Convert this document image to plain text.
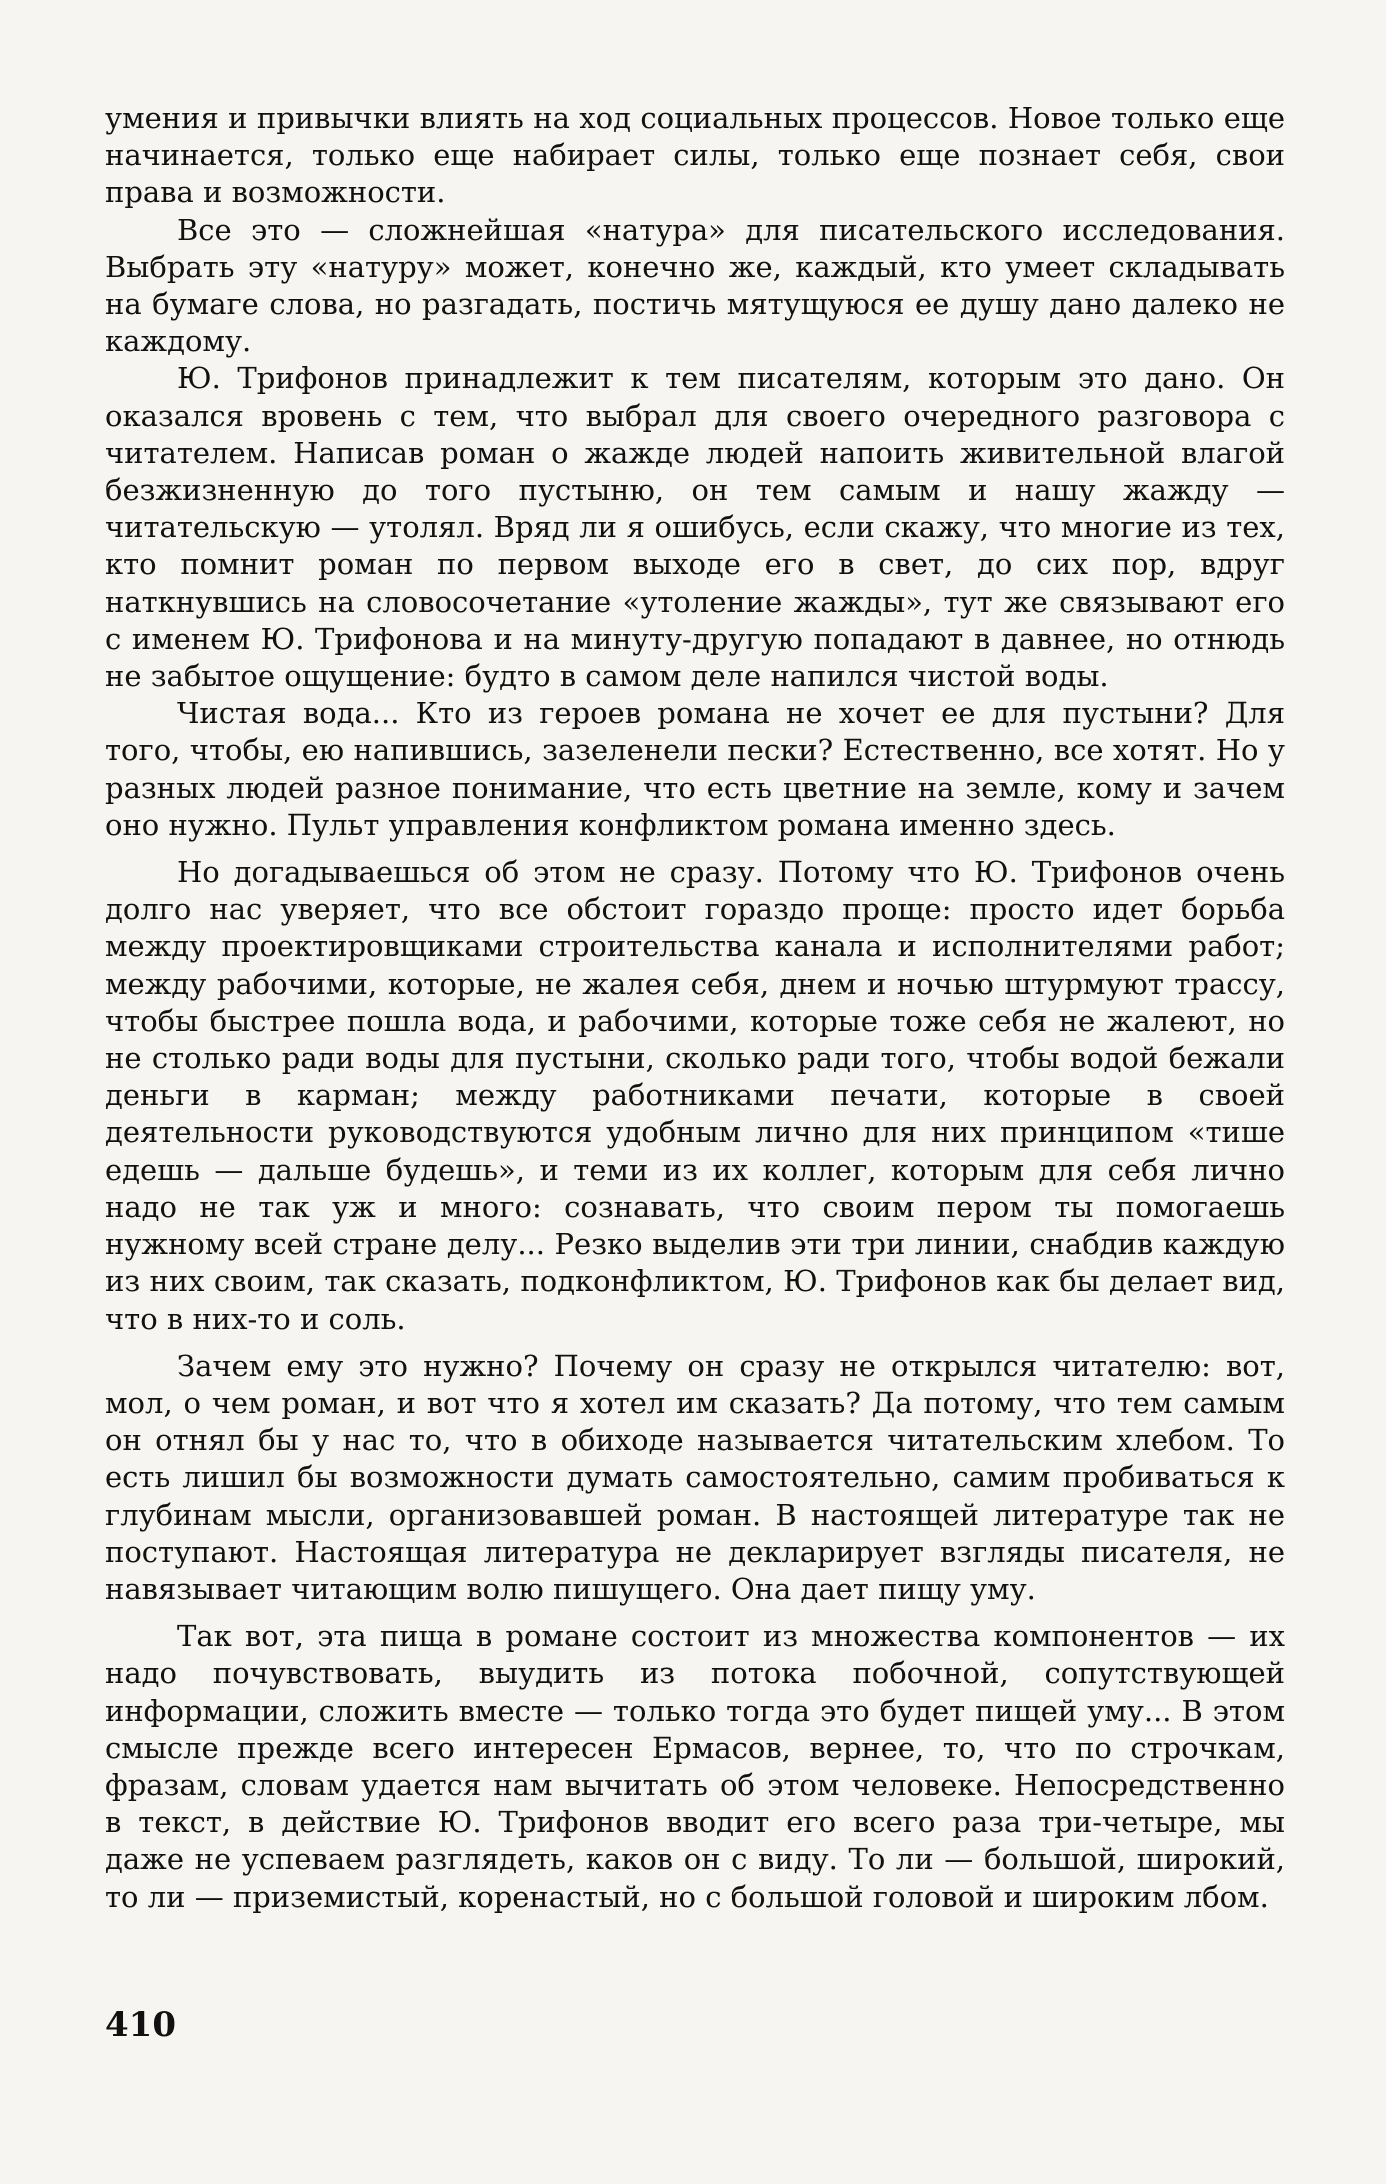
умения и привычки влиять на ход социальных процессов. Новое только еще начинается, только еще набирает силы, только еще познает себя, свои права и возможности.

Все это — сложнейшая «натура» для писательского исследования. Выбрать эту «натуру» может, конечно же, каждый, кто умеет складывать на бумаге слова, но разгадать, постичь мятущуюся ее душу дано далеко не каждому.

Ю. Трифонов принадлежит к тем писателям, которым это дано. Он оказался вровень с тем, что выбрал для своего очередного разговора с читателем. Написав роман о жажде людей напоить живительной влагой безжизненную до того пустыню, он тем самым и нашу жажду — читательскую — утолял. Вряд ли я ошибусь, если скажу, что многие из тех, кто помнит роман по первом выходе его в свет, до сих пор, вдруг наткнувшись на словосочетание «утоление жажды», тут же связывают его с именем Ю. Трифонова и на минуту-другую попадают в давнее, но отнюдь не забытое ощущение: будто в самом деле напился чистой воды.

Чистая вода... Кто из героев романа не хочет ее для пустыни? Для того, чтобы, ею напившись, зазеленели пески? Естественно, все хотят. Но у разных людей разное понимание, что есть цветние на земле, кому и зачем оно нужно. Пульт управления конфликтом романа именно здесь.

Но догадываешься об этом не сразу. Потому что Ю. Трифонов очень долго нас уверяет, что все обстоит гораздо проще: просто идет борьба между проектировщиками строительства канала и исполнителями работ; между рабочими, которые, не жалея себя, днем и ночью штурмуют трассу, чтобы быстрее пошла вода, и рабочими, которые тоже себя не жалеют, но не столько ради воды для пустыни, сколько ради того, чтобы водой бежали деньги в карман; между работниками печати, которые в своей деятельности руководствуются удобным лично для них принципом «тише едешь — дальше будешь», и теми из их коллег, которым для себя лично надо не так уж и много: сознавать, что своим пером ты помогаешь нужному всей стране делу... Резко выделив эти три линии, снабдив каждую из них своим, так сказать, подконфликтом, Ю. Трифонов как бы делает вид, что в них-то и соль.

Зачем ему это нужно? Почему он сразу не открылся читателю: вот, мол, о чем роман, и вот что я хотел им сказать? Да потому, что тем самым он отнял бы у нас то, что в обиходе называется читательским хлебом. То есть лишил бы возможности думать самостоятельно, самим пробиваться к глубинам мысли, организовавшей роман. В настоящей литературе так не поступают. Настоящая литература не декларирует взгляды писателя, не навязывает читающим волю пишущего. Она дает пищу уму.

Так вот, эта пища в романе состоит из множества компонентов — их надо почувствовать, выудить из потока побочной, сопутствующей информации, сложить вместе — только тогда это будет пищей уму... В этом смысле прежде всего интересен Ермасов, вернее, то, что по строчкам, фразам, словам удается нам вычитать об этом человеке. Непосредственно в текст, в действие Ю. Трифонов вводит его всего раза три-четыре, мы даже не успеваем разглядеть, каков он с виду. То ли — большой, широкий, то ли — приземистый, коренастый, но с большой головой и широким лбом.

410
